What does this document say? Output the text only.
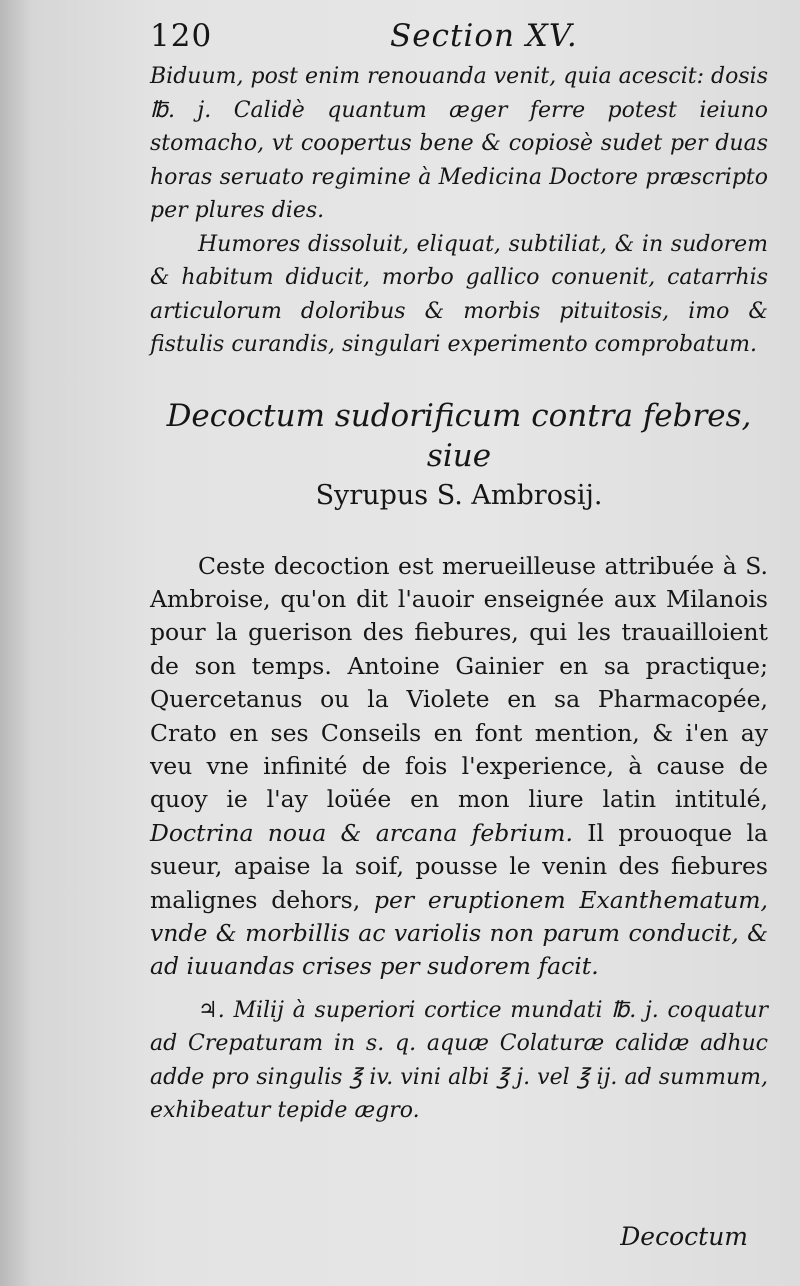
120	Section XV.

Biduum, post enim renouanda venit, quia acescit: dosis ℔. j. Calidè quantum æger ferre potest ieiuno stomacho, vt coopertus bene & copiosè sudet per duas horas seruato regimine à Medicina Doctore præscripto per plures dies.

Humores dissoluit, eliquat, subtiliat, & in sudorem & habitum diducit, morbo gallico conuenit, catarrhis articulorum doloribus & morbis pituitosis, imo & fistulis curandis, singulari experimento comprobatum.

Decoctum sudorificum contra febres, siue
Syrupus S. Ambrosij.

Ceste decoction est merueilleuse attribuée à S. Ambroise, qu'on dit l'auoir enseignée aux Milanois pour la guerison des fiebures, qui les trauailloient de son temps. Antoine Gainier en sa practique; Quercetanus ou la Violete en sa Pharmacopée, Crato en ses Conseils en font mention, & i'en ay veu vne infinité de fois l'experience, à cause de quoy ie l'ay loüée en mon liure latin intitulé, Doctrina noua & arcana febrium. Il prouoque la sueur, apaise la soif, pousse le venin des fiebures malignes dehors, per eruptionem Exanthematum, vnde & morbillis ac variolis non parum conducit, & ad iuuandas crises per sudorem facit.

♃. Milij à superiori cortice mundati ℔. j. coquatur ad Crepaturam in s. q. aquæ Colaturæ calidæ adhuc adde pro singulis ℥ iv. vini albi ℥ j. vel ℥ ij. ad summum, exhibeatur tepide ægro.

Decoctum
